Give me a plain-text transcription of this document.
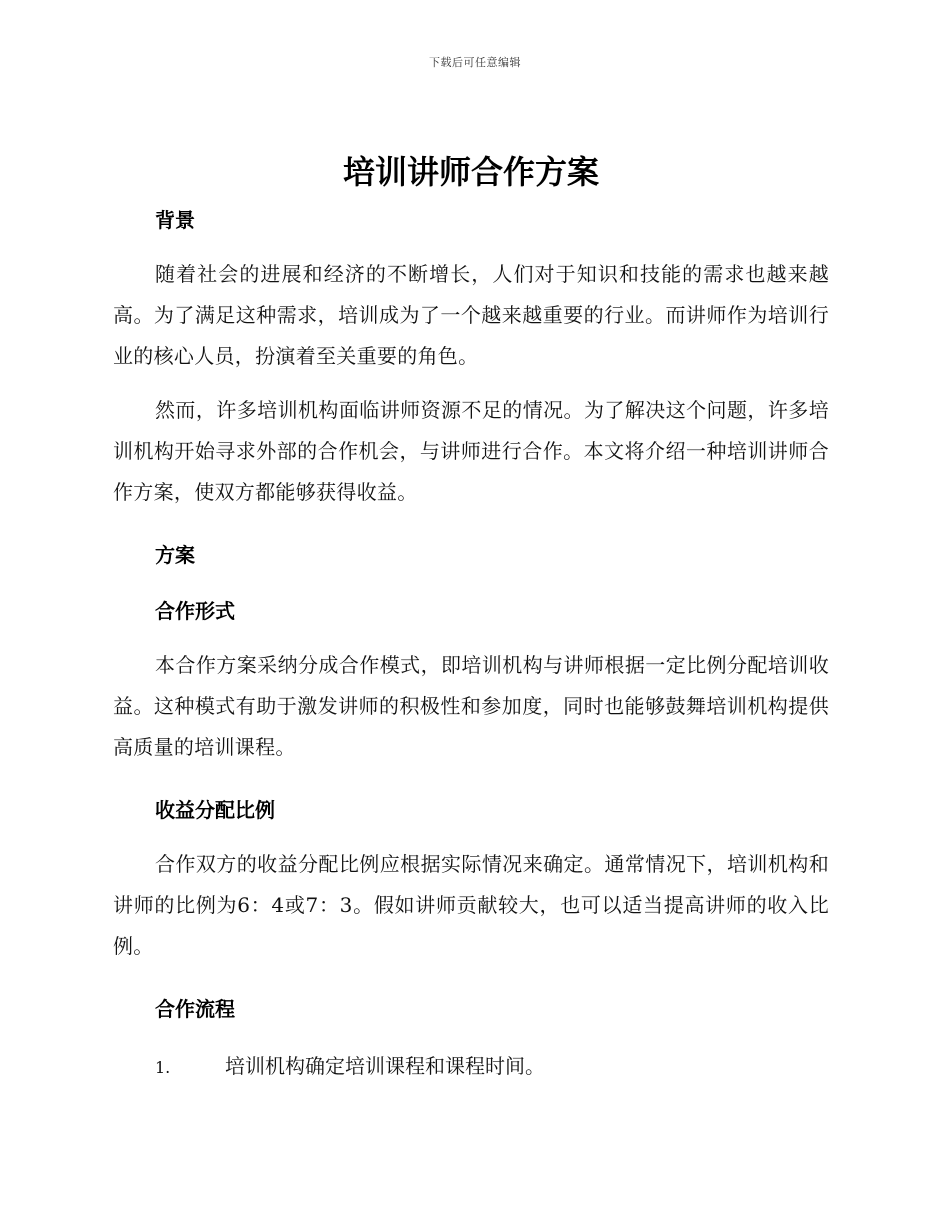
下载后可任意编辑
培训讲师合作方案
背景

随着社会的进展和经济的不断增长，人们对于知识和技能的需求也越来越高。为了满足这种需求，培训成为了一个越来越重要的行业。而讲师作为培训行业的核心人员，扮演着至关重要的角色。

然而，许多培训机构面临讲师资源不足的情况。为了解决这个问题，许多培训机构开始寻求外部的合作机会，与讲师进行合作。本文将介绍一种培训讲师合作方案，使双方都能够获得收益。

方案
合作形式

本合作方案采纳分成合作模式，即培训机构与讲师根据一定比例分配培训收益。这种模式有助于激发讲师的积极性和参加度，同时也能够鼓舞培训机构提供高质量的培训课程。

收益分配比例

合作双方的收益分配比例应根据实际情况来确定。通常情况下，培训机构和讲师的比例为6：4或7：3。假如讲师贡献较大，也可以适当提高讲师的收入比例。

合作流程
1.	培训机构确定培训课程和课程时间。
